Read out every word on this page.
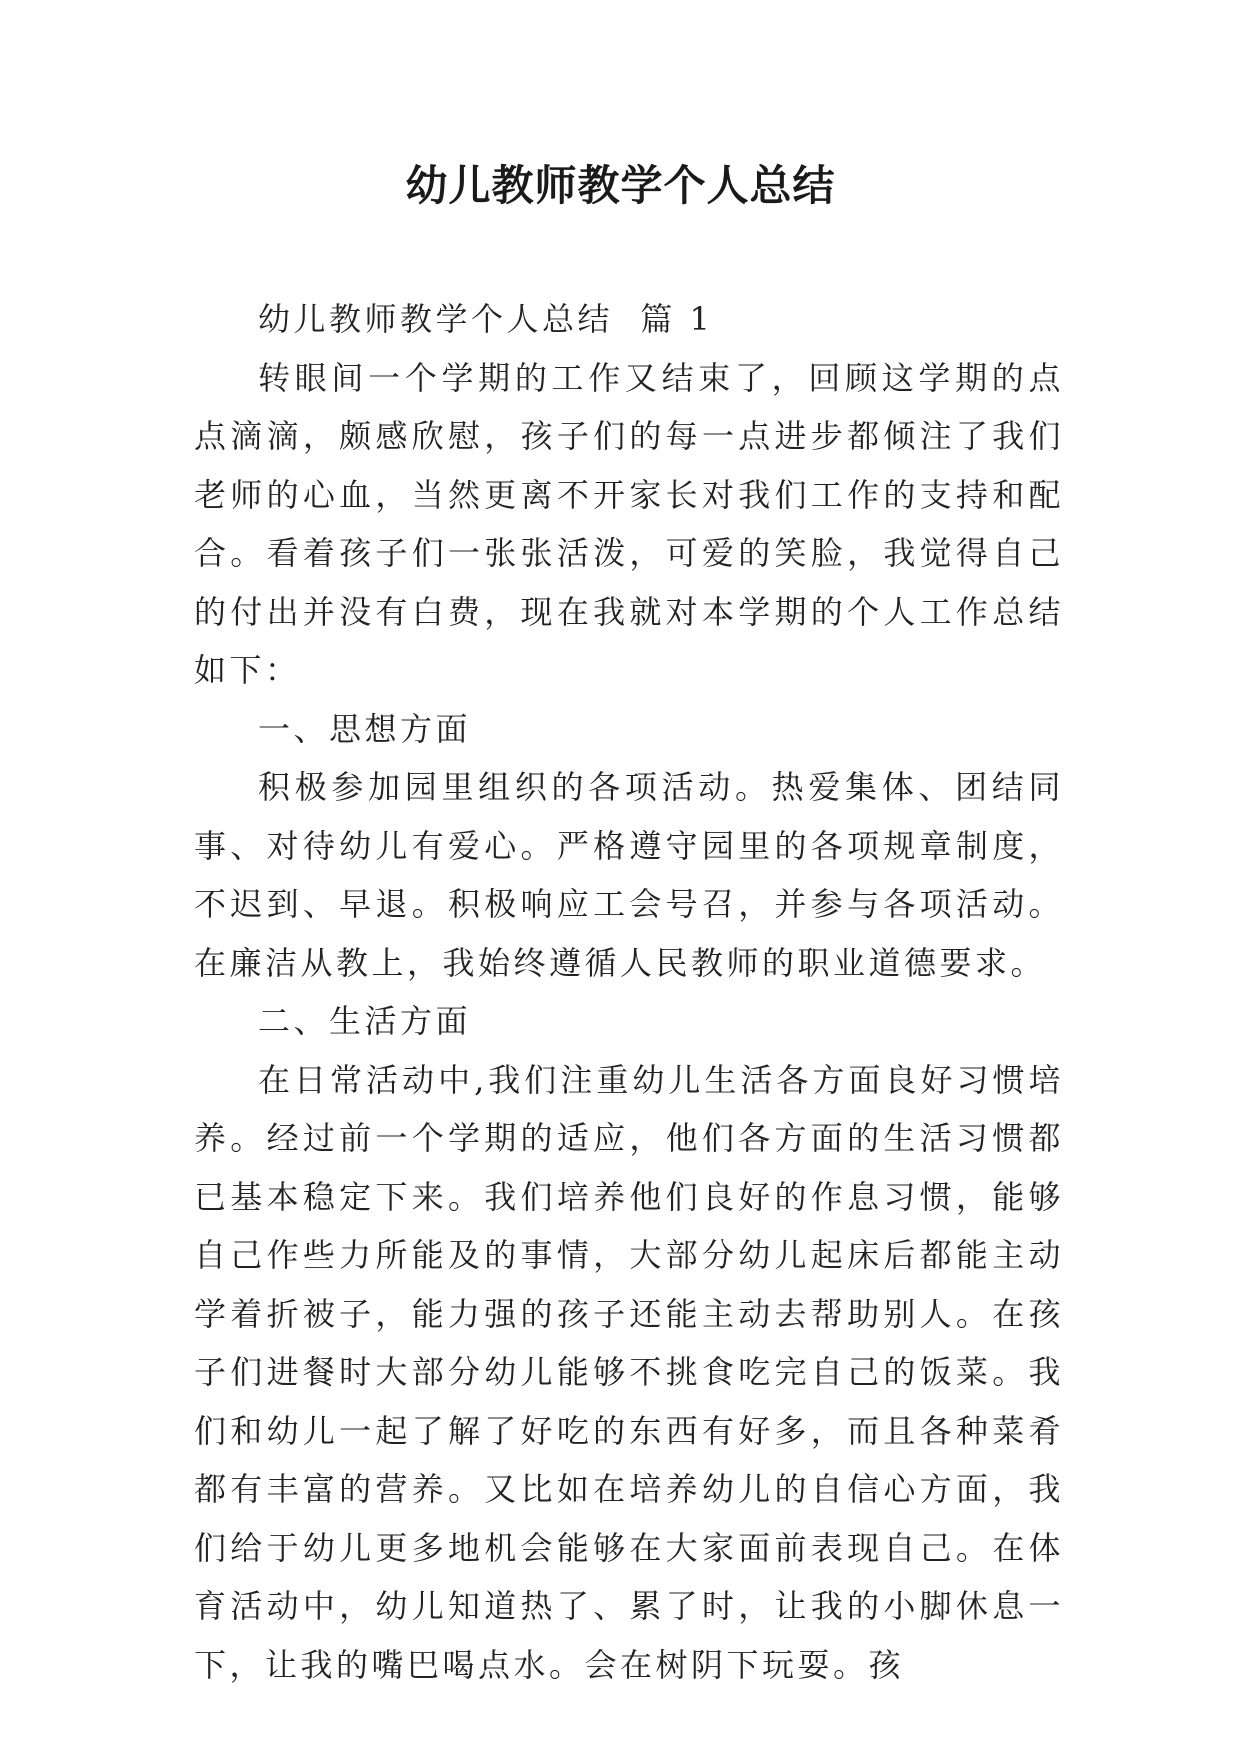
幼儿教师教学个人总结

幼儿教师教学个人总结  篇 1

转眼间一个学期的工作又结束了，回顾这学期的点点滴滴，颇感欣慰，孩子们的每一点进步都倾注了我们老师的心血，当然更离不开家长对我们工作的支持和配合。看着孩子们一张张活泼，可爱的笑脸，我觉得自己的付出并没有白费，现在我就对本学期的个人工作总结如下：

一、思想方面

积极参加园里组织的各项活动。热爱集体、团结同事、对待幼儿有爱心。严格遵守园里的各项规章制度，不迟到、早退。积极响应工会号召，并参与各项活动。在廉洁从教上，我始终遵循人民教师的职业道德要求。

二、生活方面

在日常活动中,我们注重幼儿生活各方面良好习惯培养。经过前一个学期的适应，他们各方面的生活习惯都已基本稳定下来。我们培养他们良好的作息习惯，能够自己作些力所能及的事情，大部分幼儿起床后都能主动学着折被子，能力强的孩子还能主动去帮助别人。在孩子们进餐时大部分幼儿能够不挑食吃完自己的饭菜。我们和幼儿一起了解了好吃的东西有好多，而且各种菜肴都有丰富的营养。又比如在培养幼儿的自信心方面，我们给于幼儿更多地机会能够在大家面前表现自己。在体育活动中，幼儿知道热了、累了时，让我的小脚休息一下，让我的嘴巴喝点水。会在树阴下玩耍。孩
